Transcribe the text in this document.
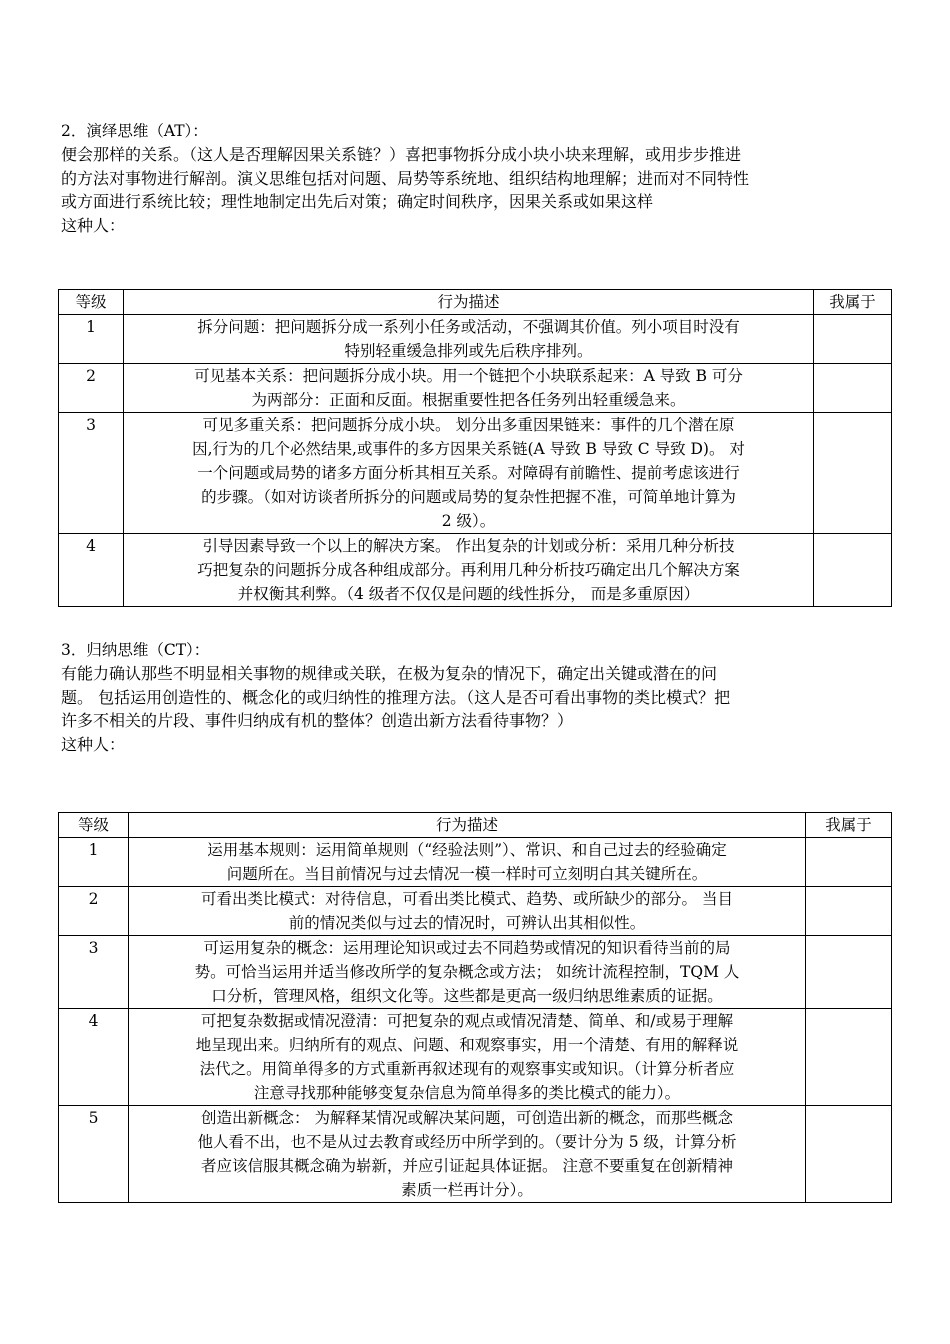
2．演绎思维（AT）：
便会那样的关系。（这人是否理解因果关系链？）喜把事物拆分成小块小块来理解，或用步步推进
的方法对事物进行解剖。演义思维包括对问题、局势等系统地、组织结构地理解；进而对不同特性
或方面进行系统比较；理性地制定出先后对策；确定时间秩序，因果关系或如果这样
这种人：
等级	行为描述	我属于
1	拆分问题：把问题拆分成一系列小任务或活动，不强调其价值。列小项目时没有
特别轻重缓急排列或先后秩序排列。	

2	可见基本关系：把问题拆分成小块。用一个链把个小块联系起来：A 导致 B 可分
为两部分：正面和反面。根据重要性把各任务列出轻重缓急来。	

3	可见多重关系：把问题拆分成小块。 划分出多重因果链来：事件的几个潜在原
因,行为的几个必然结果,或事件的多方因果关系链(A 导致 B 导致 C 导致 D)。 对
一个问题或局势的诸多方面分析其相互关系。对障碍有前瞻性、提前考虑该进行
的步骤。（如对访谈者所拆分的问题或局势的复杂性把握不准，可简单地计算为
2 级）。	

4	引导因素导致一个以上的解决方案。 作出复杂的计划或分析：采用几种分析技
巧把复杂的问题拆分成各种组成部分。再利用几种分析技巧确定出几个解决方案
并权衡其利弊。（4 级者不仅仅是问题的线性拆分， 而是多重原因）	

3．归纳思维（CT）：
有能力确认那些不明显相关事物的规律或关联，在极为复杂的情况下，确定出关键或潜在的问
题。 包括运用创造性的、概念化的或归纳性的推理方法。（这人是否可看出事物的类比模式？把
许多不相关的片段、事件归纳成有机的整体？创造出新方法看待事物？）
这种人：
等级	行为描述	我属于
1	运用基本规则：运用简单规则（“经验法则”）、常识、和自己过去的经验确定
问题所在。当目前情况与过去情况一模一样时可立刻明白其关键所在。	

2	可看出类比模式：对待信息，可看出类比模式、趋势、或所缺少的部分。 当目
前的情况类似与过去的情况时，可辨认出其相似性。	

3	可运用复杂的概念：运用理论知识或过去不同趋势或情况的知识看待当前的局
势。可恰当运用并适当修改所学的复杂概念或方法； 如统计流程控制，TQM 人
口分析，管理风格，组织文化等。这些都是更高一级归纳思维素质的证据。	

4	可把复杂数据或情况澄清：可把复杂的观点或情况清楚、简单、和/或易于理解
地呈现出来。归纳所有的观点、问题、和观察事实，用一个清楚、有用的解释说
法代之。用简单得多的方式重新再叙述现有的观察事实或知识。（计算分析者应
注意寻找那种能够变复杂信息为简单得多的类比模式的能力）。	

5	创造出新概念： 为解释某情况或解决某问题，可创造出新的概念，而那些概念
他人看不出，也不是从过去教育或经历中所学到的。（要计分为 5 级，计算分析
者应该信服其概念确为崭新，并应引证起具体证据。 注意不要重复在创新精神
素质一栏再计分）。	
